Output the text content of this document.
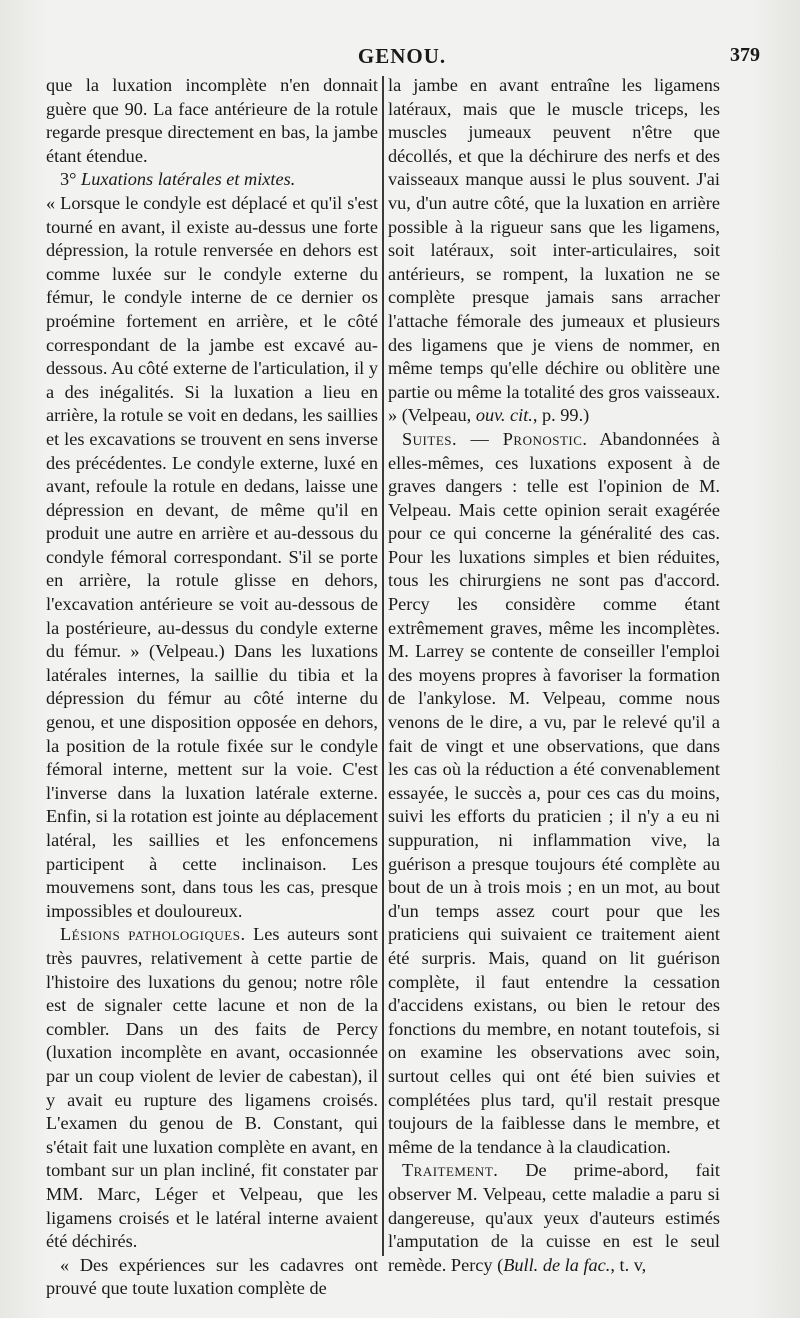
GENOU.	379

que la luxation incomplète n'en donnait guère que 90. La face antérieure de la rotule regarde presque directement en bas, la jambe étant étendue.

3° Luxations latérales et mixtes.
« Lorsque le condyle est déplacé et qu'il s'est tourné en avant, il existe au-dessus une forte dépression, la rotule renversée en dehors est comme luxée sur le condyle externe du fémur, le condyle interne de ce dernier os proémine fortement en arrière, et le côté correspondant de la jambe est excavé au-dessous. Au côté externe de l'articulation, il y a des inégalités. Si la luxation a lieu en arrière, la rotule se voit en dedans, les saillies et les excavations se trouvent en sens inverse des précédentes. Le condyle externe, luxé en avant, refoule la rotule en dedans, laisse une dépression en devant, de même qu'il en produit une autre en arrière et au-dessous du condyle fémoral correspondant. S'il se porte en arrière, la rotule glisse en dehors, l'excavation antérieure se voit au-dessous de la postérieure, au-dessus du condyle externe du fémur. » (Velpeau.) Dans les luxations latérales internes, la saillie du tibia et la dépression du fémur au côté interne du genou, et une disposition opposée en dehors, la position de la rotule fixée sur le condyle fémoral interne, mettent sur la voie. C'est l'inverse dans la luxation latérale externe. Enfin, si la rotation est jointe au déplacement latéral, les saillies et les enfoncemens participent à cette inclinaison. Les mouvemens sont, dans tous les cas, presque impossibles et douloureux.

Lésions pathologiques. Les auteurs sont très pauvres, relativement à cette partie de l'histoire des luxations du genou; notre rôle est de signaler cette lacune et non de la combler. Dans un des faits de Percy (luxation incomplète en avant, occasionnée par un coup violent de levier de cabestan), il y avait eu rupture des ligamens croisés. L'examen du genou de B. Constant, qui s'était fait une luxation complète en avant, en tombant sur un plan incliné, fit constater par MM. Marc, Léger et Velpeau, que les ligamens croisés et le latéral interne avaient été déchirés.

« Des expériences sur les cadavres ont prouvé que toute luxation complète de

la jambe en avant entraîne les ligamens latéraux, mais que le muscle triceps, les muscles jumeaux peuvent n'être que décollés, et que la déchirure des nerfs et des vaisseaux manque aussi le plus souvent. J'ai vu, d'un autre côté, que la luxation en arrière possible à la rigueur sans que les ligamens, soit latéraux, soit inter-articulaires, soit antérieurs, se rompent, la luxation ne se complète presque jamais sans arracher l'attache fémorale des jumeaux et plusieurs des ligamens que je viens de nommer, en même temps qu'elle déchire ou oblitère une partie ou même la totalité des gros vaisseaux. » (Velpeau, ouv. cit., p. 99.)

Suites. — Pronostic. Abandonnées à elles-mêmes, ces luxations exposent à de graves dangers : telle est l'opinion de M. Velpeau. Mais cette opinion serait exagérée pour ce qui concerne la généralité des cas. Pour les luxations simples et bien réduites, tous les chirurgiens ne sont pas d'accord. Percy les considère comme étant extrêmement graves, même les incomplètes. M. Larrey se contente de conseiller l'emploi des moyens propres à favoriser la formation de l'ankylose. M. Velpeau, comme nous venons de le dire, a vu, par le relevé qu'il a fait de vingt et une observations, que dans les cas où la réduction a été convenablement essayée, le succès a, pour ces cas du moins, suivi les efforts du praticien ; il n'y a eu ni suppuration, ni inflammation vive, la guérison a presque toujours été complète au bout de un à trois mois ; en un mot, au bout d'un temps assez court pour que les praticiens qui suivaient ce traitement aient été surpris. Mais, quand on lit guérison complète, il faut entendre la cessation d'accidens existans, ou bien le retour des fonctions du membre, en notant toutefois, si on examine les observations avec soin, surtout celles qui ont été bien suivies et complétées plus tard, qu'il restait presque toujours de la faiblesse dans le membre, et même de la tendance à la claudication.

Traitement. De prime-abord, fait observer M. Velpeau, cette maladie a paru si dangereuse, qu'aux yeux d'auteurs estimés l'amputation de la cuisse en est le seul remède. Percy (Bull. de la fac., t. v,
